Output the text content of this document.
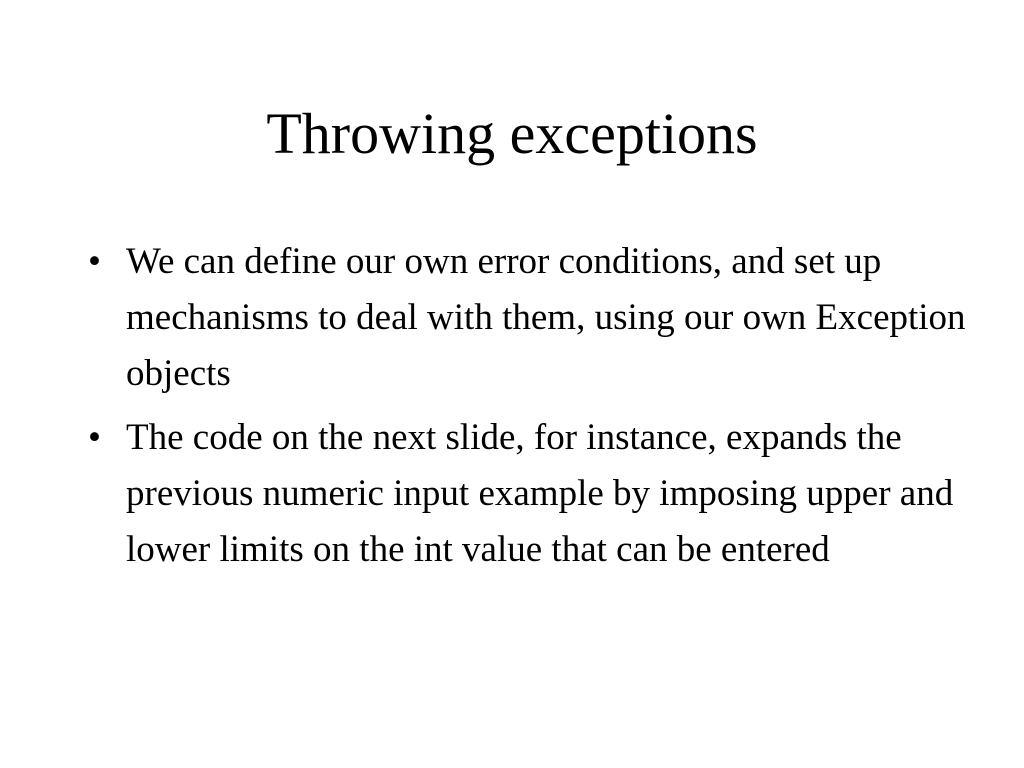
Throwing exceptions
• We can define our own error conditions, and set up mechanisms to deal with them, using our own Exception objects
• The code on the next slide, for instance, expands the previous numeric input example by imposing upper and lower limits on the int value that can be entered
